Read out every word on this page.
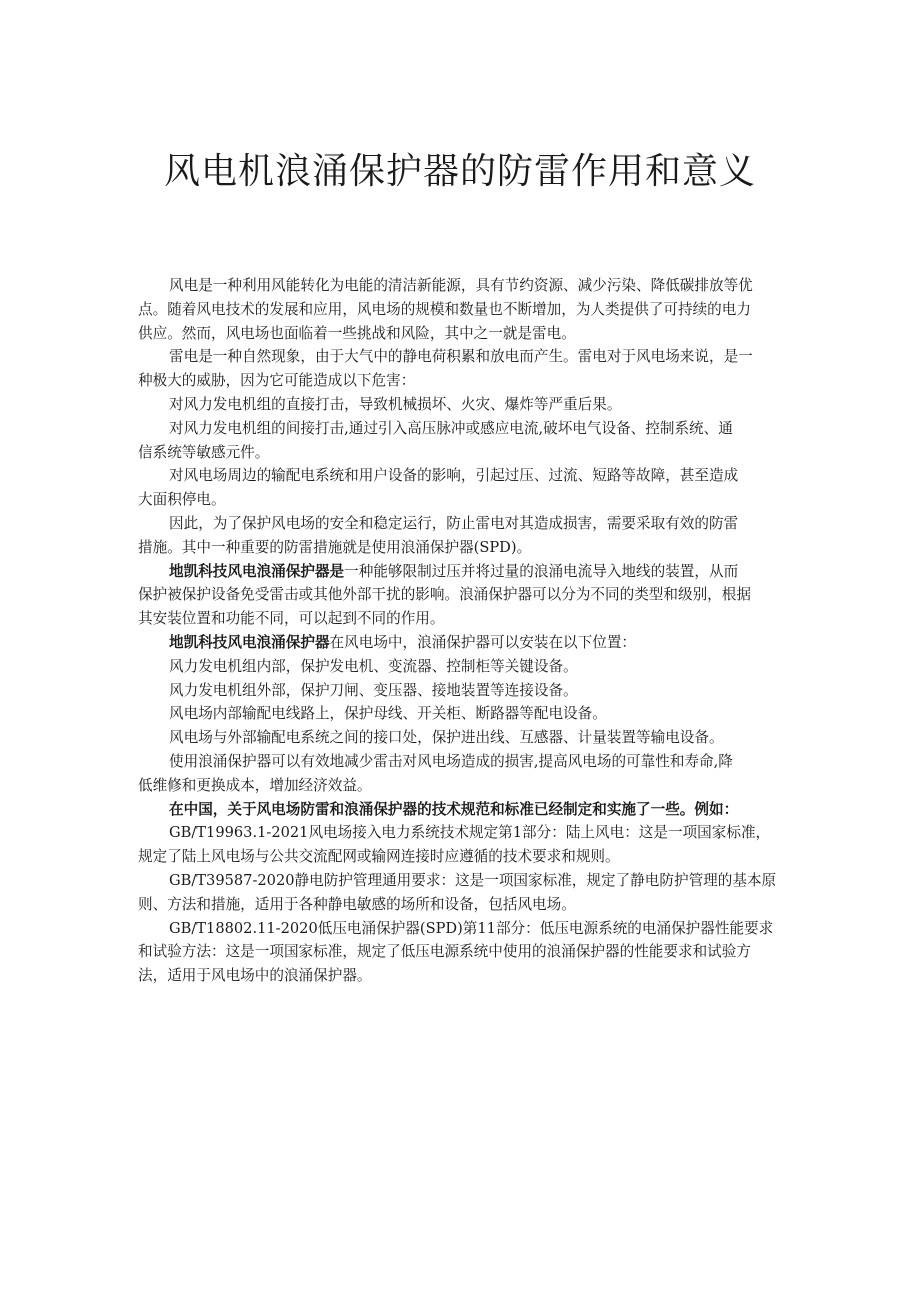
风电机浪涌保护器的防雷作用和意义
风电是一种利用风能转化为电能的清洁新能源，具有节约资源、减少污染、降低碳排放等优
点。随着风电技术的发展和应用，风电场的规模和数量也不断增加，为人类提供了可持续的电力
供应。然而，风电场也面临着一些挑战和风险，其中之一就是雷电。
雷电是一种自然现象，由于大气中的静电荷积累和放电而产生。雷电对于风电场来说，是一
种极大的威胁，因为它可能造成以下危害：
对风力发电机组的直接打击，导致机械损坏、火灾、爆炸等严重后果。
对风力发电机组的间接打击,通过引入高压脉冲或感应电流,破坏电气设备、控制系统、通
信系统等敏感元件。
对风电场周边的输配电系统和用户设备的影响，引起过压、过流、短路等故障，甚至造成
大面积停电。
因此，为了保护风电场的安全和稳定运行，防止雷电对其造成损害，需要采取有效的防雷
措施。其中一种重要的防雷措施就是使用浪涌保护器(SPD)。
地凯科技风电浪涌保护器是一种能够限制过压并将过量的浪涌电流导入地线的装置，从而
保护被保护设备免受雷击或其他外部干扰的影响。浪涌保护器可以分为不同的类型和级别，根据
其安装位置和功能不同，可以起到不同的作用。
地凯科技风电浪涌保护器在风电场中，浪涌保护器可以安装在以下位置：
风力发电机组内部，保护发电机、变流器、控制柜等关键设备。
风力发电机组外部，保护刀闸、变压器、接地装置等连接设备。
风电场内部输配电线路上，保护母线、开关柜、断路器等配电设备。
风电场与外部输配电系统之间的接口处，保护进出线、互感器、计量装置等输电设备。
使用浪涌保护器可以有效地减少雷击对风电场造成的损害,提高风电场的可靠性和寿命,降
低维修和更换成本，增加经济效益。
在中国，关于风电场防雷和浪涌保护器的技术规范和标准已经制定和实施了一些。例如：
GB/T19963.1-2021风电场接入电力系统技术规定第1部分：陆上风电：这是一项国家标准，
规定了陆上风电场与公共交流配网或输网连接时应遵循的技术要求和规则。
GB/T39587-2020静电防护管理通用要求：这是一项国家标准，规定了静电防护管理的基本原
则、方法和措施，适用于各种静电敏感的场所和设备，包括风电场。
GB/T18802.11-2020低压电涌保护器(SPD)第11部分：低压电源系统的电涌保护器性能要求
和试验方法：这是一项国家标准，规定了低压电源系统中使用的浪涌保护器的性能要求和试验方
法，适用于风电场中的浪涌保护器。
